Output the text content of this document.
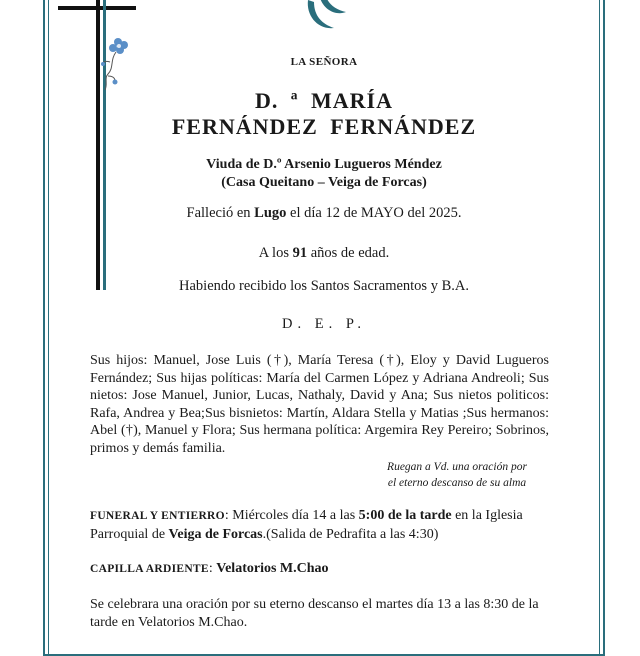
LA SEÑORA
D. ª MARÍA
FERNÁNDEZ FERNÁNDEZ
Viuda de D.º Arsenio Lugueros Méndez
(Casa Queitano – Veiga de Forcas)
Falleció en Lugo el día 12 de MAYO del 2025.
A los 91 años de edad.
Habiendo recibido los Santos Sacramentos y B.A.
D. E. P.
Sus hijos: Manuel, Jose Luis (†), María Teresa (†), Eloy y David Lugueros Fernández; Sus hijas políticas: María del Carmen López y Adriana Andreoli; Sus nietos: Jose Manuel, Junior, Lucas, Nathaly, David y Ana; Sus nietos politicos: Rafa, Andrea y Bea;Sus bisnietos: Martín, Aldara Stella y Matias ;Sus hermanos: Abel (†), Manuel y Flora; Sus hermana política: Argemira Rey Pereiro; Sobrinos, primos y demás familia.
Ruegan a Vd. una oración por
el eterno descanso de su alma
FUNERAL Y ENTIERRO: Miércoles día 14 a las 5:00 de la tarde en la Iglesia Parroquial de Veiga de Forcas.(Salida de Pedrafita a las 4:30)
CAPILLA ARDIENTE: Velatorios M.Chao
Se celebrara una oración por su eterno descanso el martes día 13 a las 8:30 de la tarde en Velatorios M.Chao.
